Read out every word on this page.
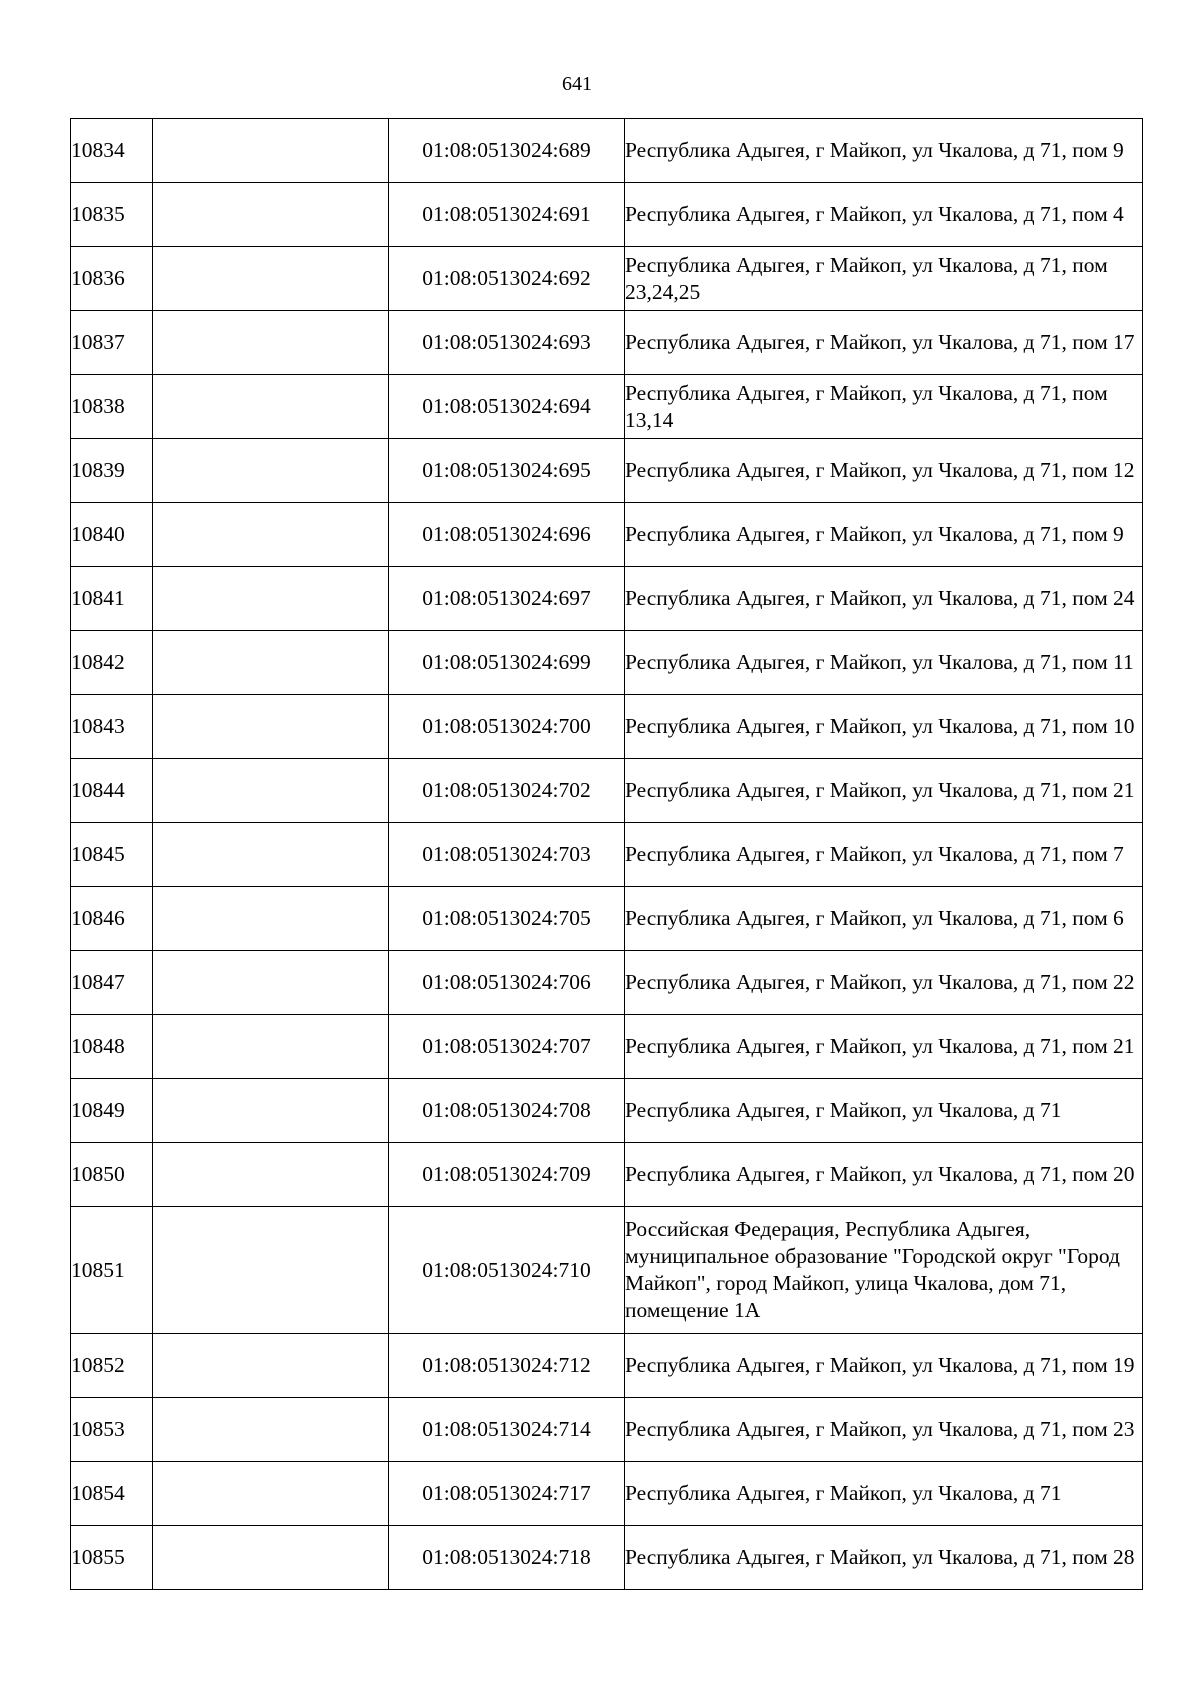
641
10834		01:08:0513024:689	Республика Адыгея, г Майкоп, ул Чкалова, д 71, пом 9
10835		01:08:0513024:691	Республика Адыгея, г Майкоп, ул Чкалова, д 71, пом 4
10836		01:08:0513024:692	Республика Адыгея, г Майкоп, ул Чкалова, д 71, пом 23,24,25
10837		01:08:0513024:693	Республика Адыгея, г Майкоп, ул Чкалова, д 71, пом 17
10838		01:08:0513024:694	Республика Адыгея, г Майкоп, ул Чкалова, д 71, пом 13,14
10839		01:08:0513024:695	Республика Адыгея, г Майкоп, ул Чкалова, д 71, пом 12
10840		01:08:0513024:696	Республика Адыгея, г Майкоп, ул Чкалова, д 71, пом 9
10841		01:08:0513024:697	Республика Адыгея, г Майкоп, ул Чкалова, д 71, пом 24
10842		01:08:0513024:699	Республика Адыгея, г Майкоп, ул Чкалова, д 71, пом 11
10843		01:08:0513024:700	Республика Адыгея, г Майкоп, ул Чкалова, д 71, пом 10
10844		01:08:0513024:702	Республика Адыгея, г Майкоп, ул Чкалова, д 71, пом 21
10845		01:08:0513024:703	Республика Адыгея, г Майкоп, ул Чкалова, д 71, пом 7
10846		01:08:0513024:705	Республика Адыгея, г Майкоп, ул Чкалова, д 71, пом 6
10847		01:08:0513024:706	Республика Адыгея, г Майкоп, ул Чкалова, д 71, пом 22
10848		01:08:0513024:707	Республика Адыгея, г Майкоп, ул Чкалова, д 71, пом 21
10849		01:08:0513024:708	Республика Адыгея, г Майкоп, ул Чкалова, д 71
10850		01:08:0513024:709	Республика Адыгея, г Майкоп, ул Чкалова, д 71, пом 20
10851		01:08:0513024:710	Российская Федерация, Республика Адыгея, муниципальное образование "Городской округ "Город Майкоп", город Майкоп, улица Чкалова, дом 71, помещение 1А
10852		01:08:0513024:712	Республика Адыгея, г Майкоп, ул Чкалова, д 71, пом 19
10853		01:08:0513024:714	Республика Адыгея, г Майкоп, ул Чкалова, д 71, пом 23
10854		01:08:0513024:717	Республика Адыгея, г Майкоп, ул Чкалова, д 71
10855		01:08:0513024:718	Республика Адыгея, г Майкоп, ул Чкалова, д 71, пом 28
